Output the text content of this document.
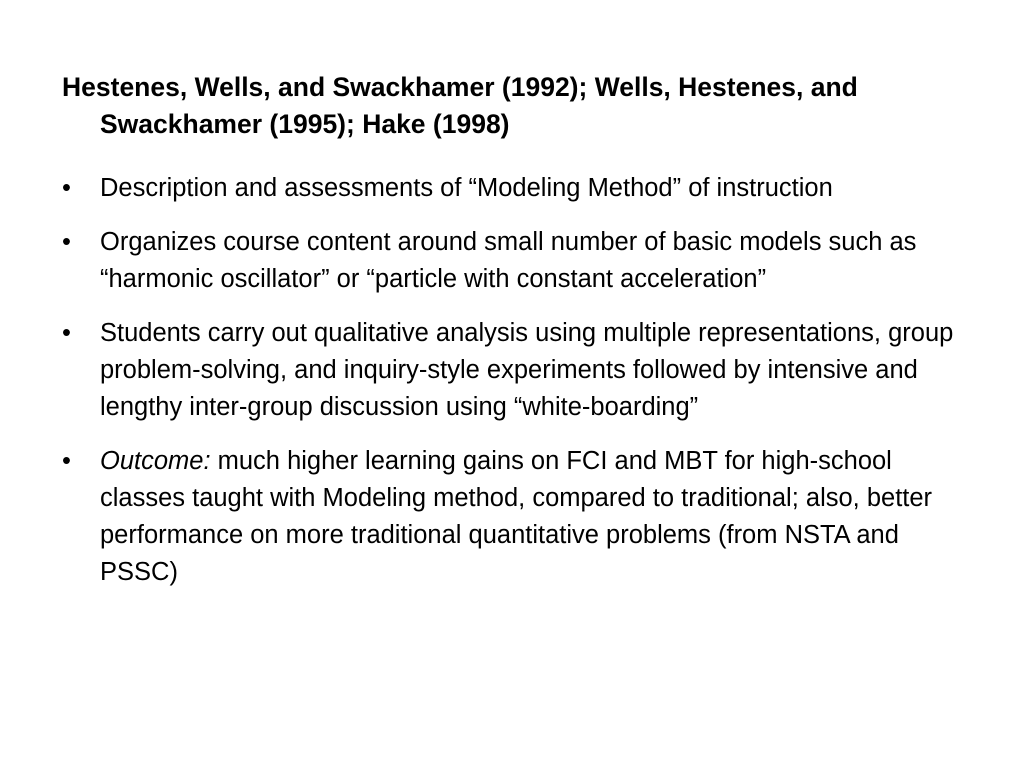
Hestenes, Wells, and Swackhamer (1992); Wells, Hestenes, and Swackhamer (1995); Hake (1998)

•	Description and assessments of “Modeling Method” of instruction
•	Organizes course content around small number of basic models such as “harmonic oscillator” or “particle with constant acceleration”
•	Students carry out qualitative analysis using multiple representations, group problem-solving, and inquiry-style experiments followed by intensive and lengthy inter-group discussion using “white-boarding”
•	Outcome: much higher learning gains on FCI and MBT for high-school classes taught with Modeling method, compared to traditional; also, better performance on more traditional quantitative problems (from NSTA and PSSC)
